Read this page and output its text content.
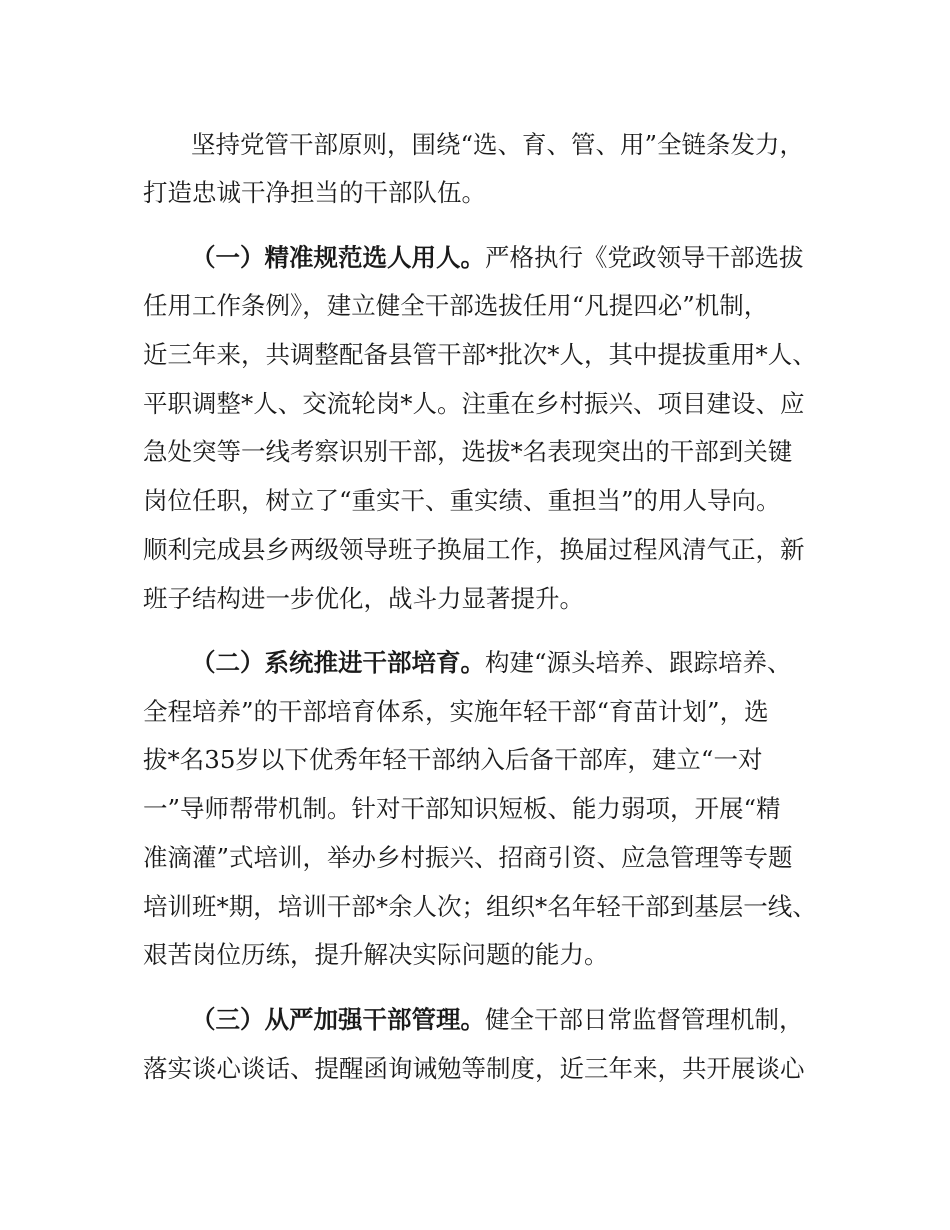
坚持党管干部原则，围绕“选、育、管、用”全链条发力，
打造忠诚干净担当的干部队伍。
（一）精准规范选人用人。严格执行《党政领导干部选拔
任用工作条例》，建立健全干部选拔任用“凡提四必”机制，
近三年来，共调整配备县管干部*批次*人，其中提拔重用*人、
平职调整*人、交流轮岗*人。注重在乡村振兴、项目建设、应
急处突等一线考察识别干部，选拔*名表现突出的干部到关键
岗位任职，树立了“重实干、重实绩、重担当”的用人导向。
顺利完成县乡两级领导班子换届工作，换届过程风清气正，新
班子结构进一步优化，战斗力显著提升。
（二）系统推进干部培育。构建“源头培养、跟踪培养、
全程培养”的干部培育体系，实施年轻干部“育苗计划”，选
拔*名35岁以下优秀年轻干部纳入后备干部库，建立“一对
一”导师帮带机制。针对干部知识短板、能力弱项，开展“精
准滴灌”式培训，举办乡村振兴、招商引资、应急管理等专题
培训班*期，培训干部*余人次；组织*名年轻干部到基层一线、
艰苦岗位历练，提升解决实际问题的能力。
（三）从严加强干部管理。健全干部日常监督管理机制，
落实谈心谈话、提醒函询诫勉等制度，近三年来，共开展谈心
